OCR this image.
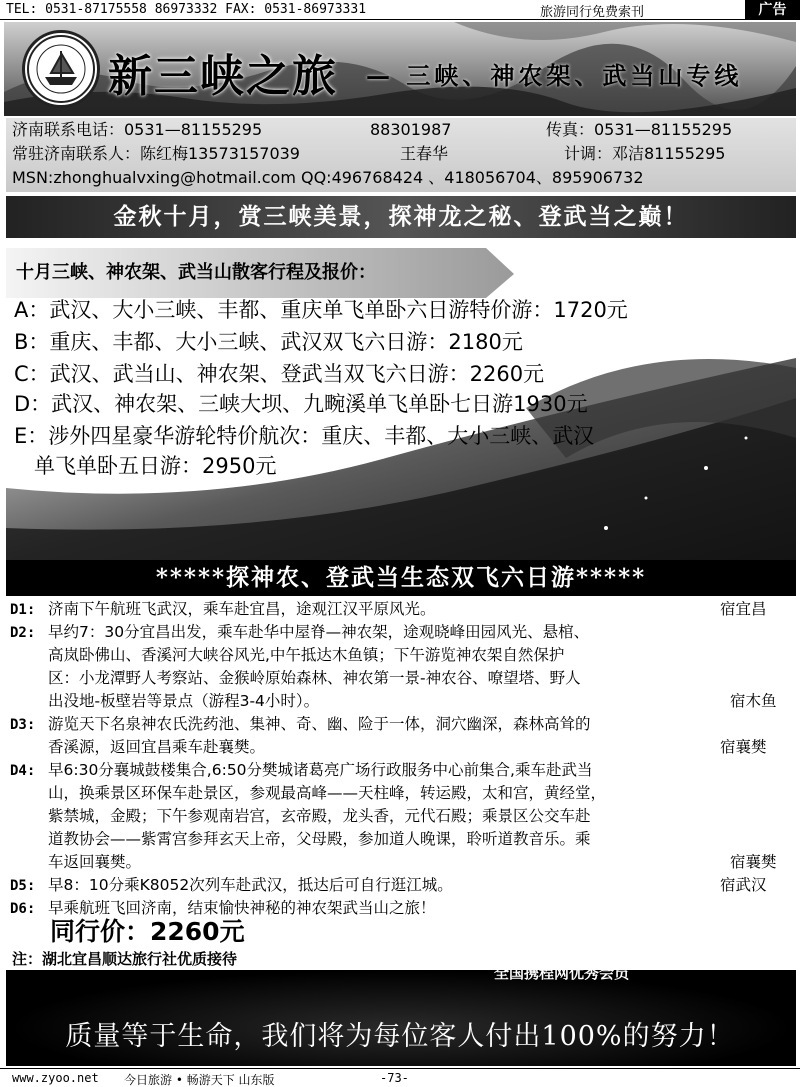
TEL: 0531-87175558 86973332 FAX: 0531-86973331	旅游同行免费索刊	广告
新三峡之旅 — 三峡、神农架、武当山专线
济南联系电话：0531—81155295	88301987	传真：0531—81155295
常驻济南联系人：陈红梅13573157039	王春华	计调：邓洁81155295
MSN:zhonghualvxing@hotmail.com QQ:496768424 、418056704、895906732
金秋十月，赏三峡美景，探神龙之秘、登武当之巅！
十月三峡、神农架、武当山散客行程及报价：
A：武汉、大小三峡、丰都、重庆单飞单卧六日游特价游：1720元
B：重庆、丰都、大小三峡、武汉双飞六日游：2180元
C：武汉、武当山、神农架、登武当双飞六日游：2260元
D：武汉、神农架、三峡大坝、九畹溪单飞单卧七日游1930元
E：涉外四星豪华游轮特价航次：重庆、丰都、大小三峡、武汉
单飞单卧五日游：2950元
*****探神农、登武当生态双飞六日游*****
D1: 济南下午航班飞武汉，乘车赴宜昌，途观江汉平原风光。	宿宜昌
D2: 早约7：30分宜昌出发，乘车赴华中屋脊—神农架，途观晓峰田园风光、悬棺、
高岚卧佛山、香溪河大峡谷风光,中午抵达木鱼镇；下午游览神农架自然保护
区：小龙潭野人考察站、金猴岭原始森林、神农第一景-神农谷、嘹望塔、野人
出没地-板壁岩等景点（游程3-4小时）。	宿木鱼
D3: 游览天下名泉神农氏洗药池、集神、奇、幽、险于一体，洞穴幽深，森林高耸的
香溪源，返回宜昌乘车赴襄樊。	宿襄樊
D4: 早6:30分襄城鼓楼集合,6:50分樊城诸葛亮广场行政服务中心前集合,乘车赴武当
山，换乘景区环保车赴景区，参观最高峰——天柱峰，转运殿，太和宫，黄经堂，
紫禁城，金殿；下午参观南岩宫，玄帝殿，龙头香，元代石殿；乘景区公交车赴
道教协会——紫霄宫参拜玄天上帝，父母殿，参加道人晚课，聆听道教音乐。乘
车返回襄樊。	宿襄樊
D5: 早8：10分乘K8052次列车赴武汉，抵达后可自行逛江城。	宿武汉
D6: 早乘航班飞回济南，结束愉快神秘的神农架武当山之旅！
同行价：2260元
注：湖北宜昌顺达旅行社优质接待
全国携程网优秀会员
质量等于生命，我们将为每位客人付出100%的努力！
www.zyoo.net 今日旅游 • 畅游天下 山东版	-73-
